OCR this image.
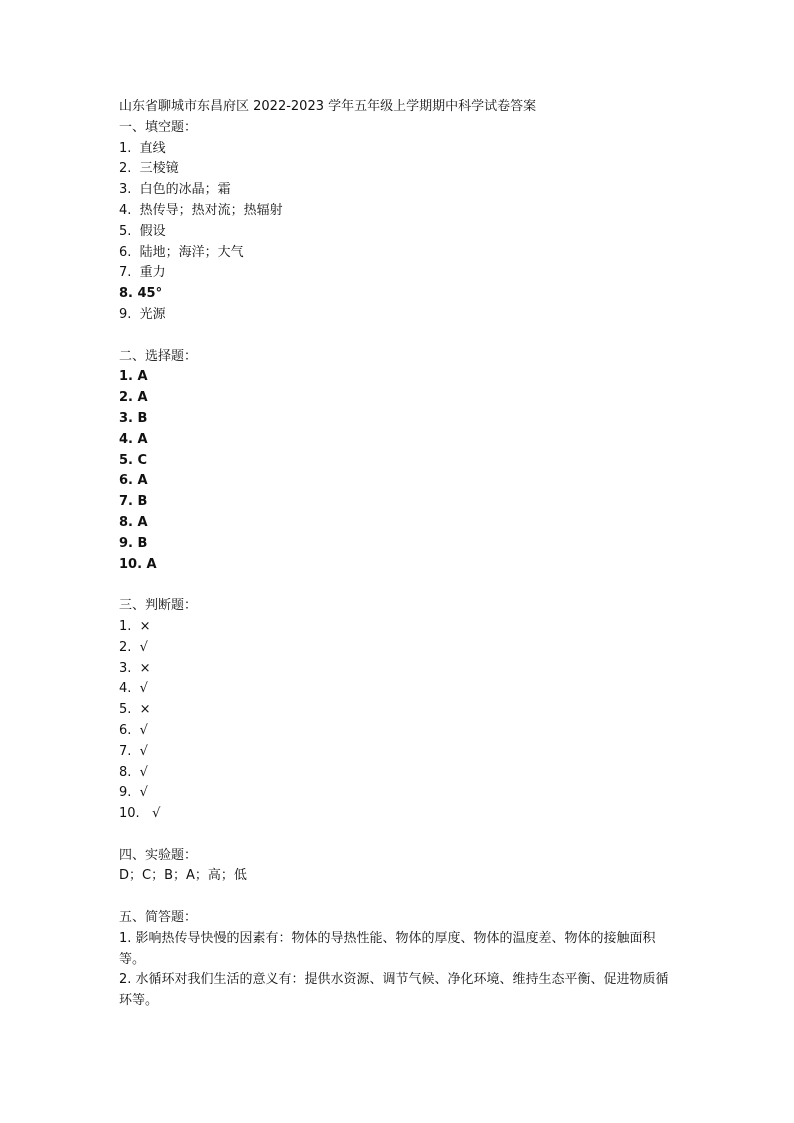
山东省聊城市东昌府区 2022-2023 学年五年级上学期期中科学试卷答案
一、填空题：
1.  直线
2.  三棱镜
3.  白色的冰晶；霜
4.  热传导；热对流；热辐射
5.  假设
6.  陆地；海洋；大气
7.  重力
8. 45°
9.  光源
二、选择题：
1. A
2. A
3. B
4. A
5. C
6. A
7. B
8. A
9. B
10. A
三、判断题：
1.  ×
2.  √
3.  ×
4.  √
5.  ×
6.  √
7.  √
8.  √
9.  √
10.   √
四、实验题：
D；C；B；A；高；低
五、简答题：
1. 影响热传导快慢的因素有：物体的导热性能、物体的厚度、物体的温度差、物体的接触面积等。
2. 水循环对我们生活的意义有：提供水资源、调节气候、净化环境、维持生态平衡、促进物质循环等。
